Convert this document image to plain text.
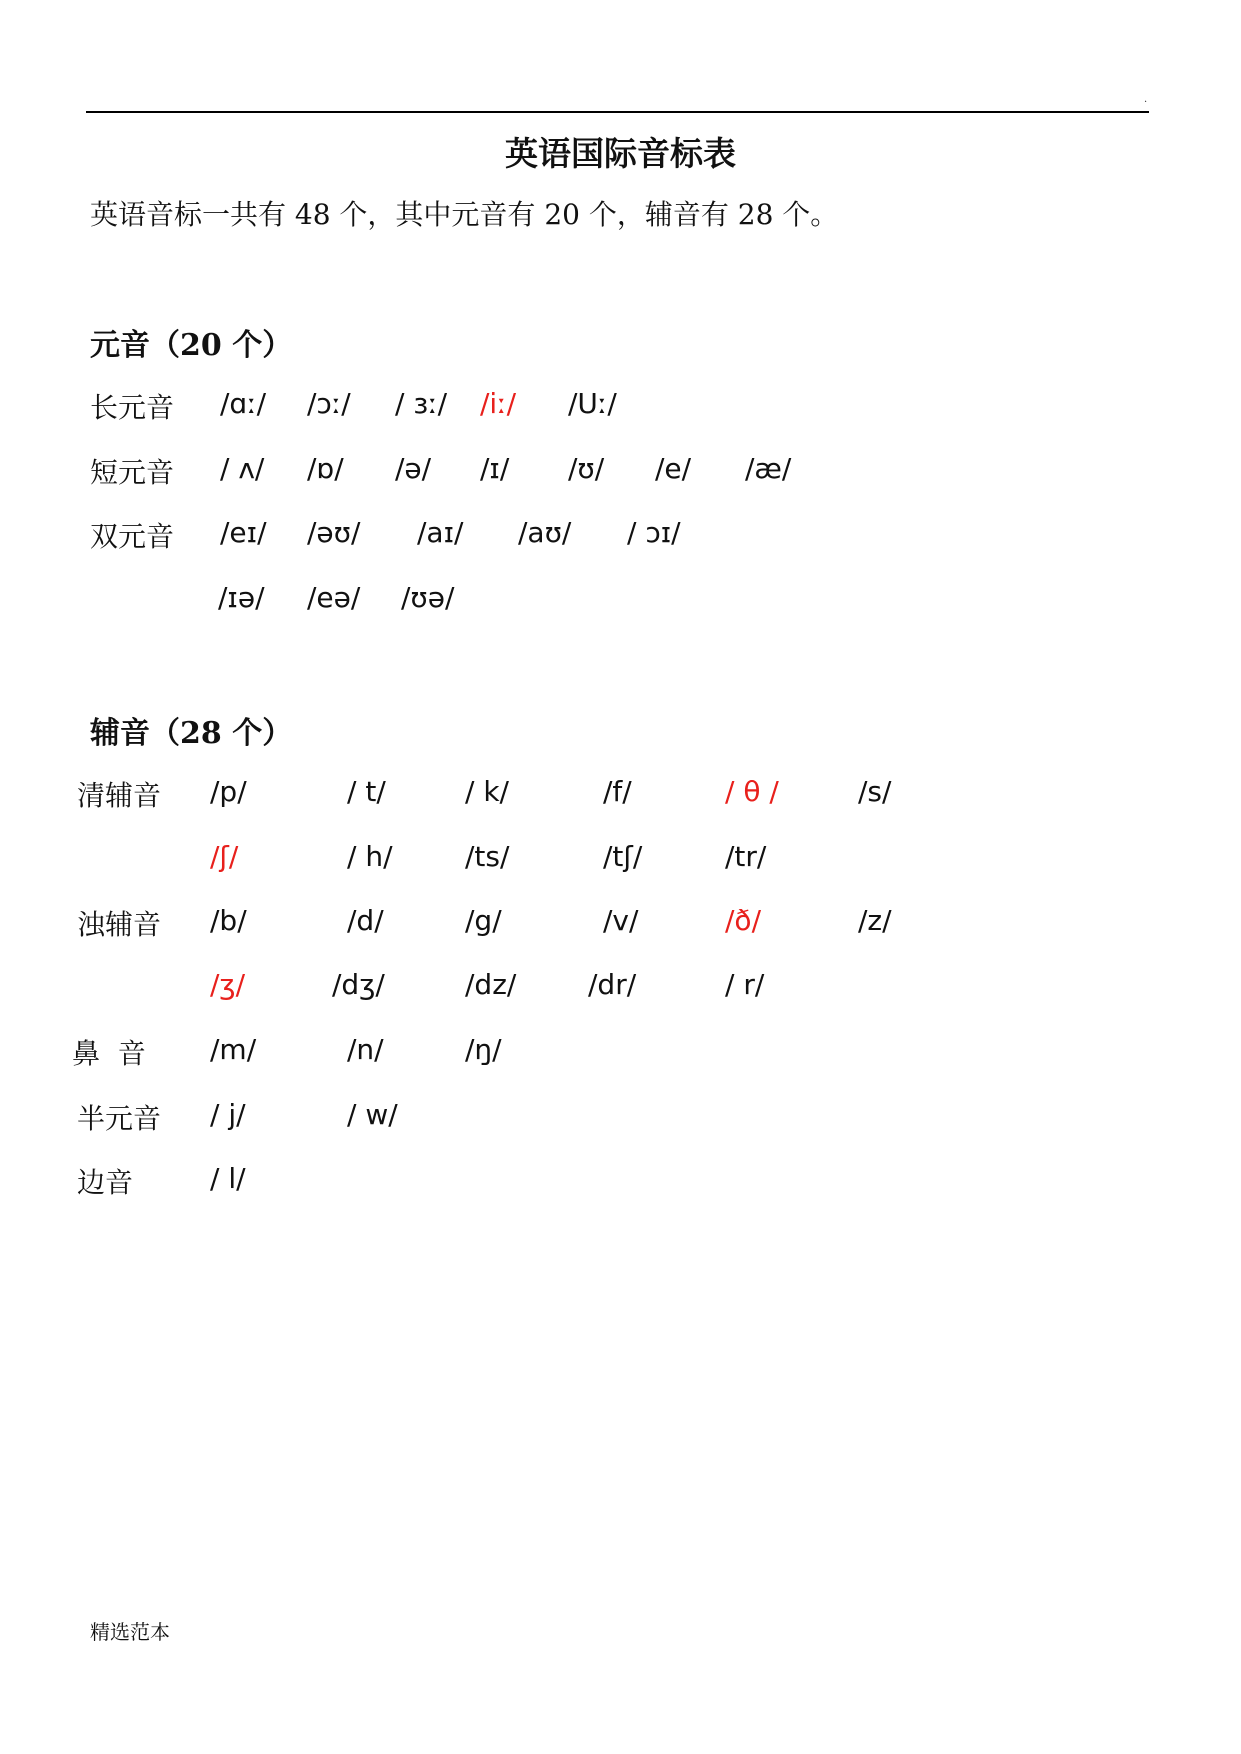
.
英语国际音标表
英语音标一共有 48 个，其中元音有 20 个，辅音有 28 个。
元音（20 个）
长元音 /ɑː/ /ɔː/ / ɜː/ /iː/ /Uː/
短元音 / ʌ/ /ɒ/ /ə/ /ɪ/ /ʊ/ /e/ /æ/
双元音 /eɪ/ /əʊ/ /aɪ/ /aʊ/ / ɔɪ/
/ɪə/ /eə/ /ʊə/
辅音（28 个）
清辅音 /p/	/ t/	/ k/	/f/	/ θ /	/s/
/ʃ/	/ h/	/ts/	/tʃ/	/tr/
浊辅音 /b/	/d/	/g/	/v/	/ð/	/z/
/ʒ/	/dʒ/	/dz/	/dr/	/ r/
鼻  音 /m/	/n/	/ŋ/
半元音 / j/	/ w/
边音	/ l/
精选范本
